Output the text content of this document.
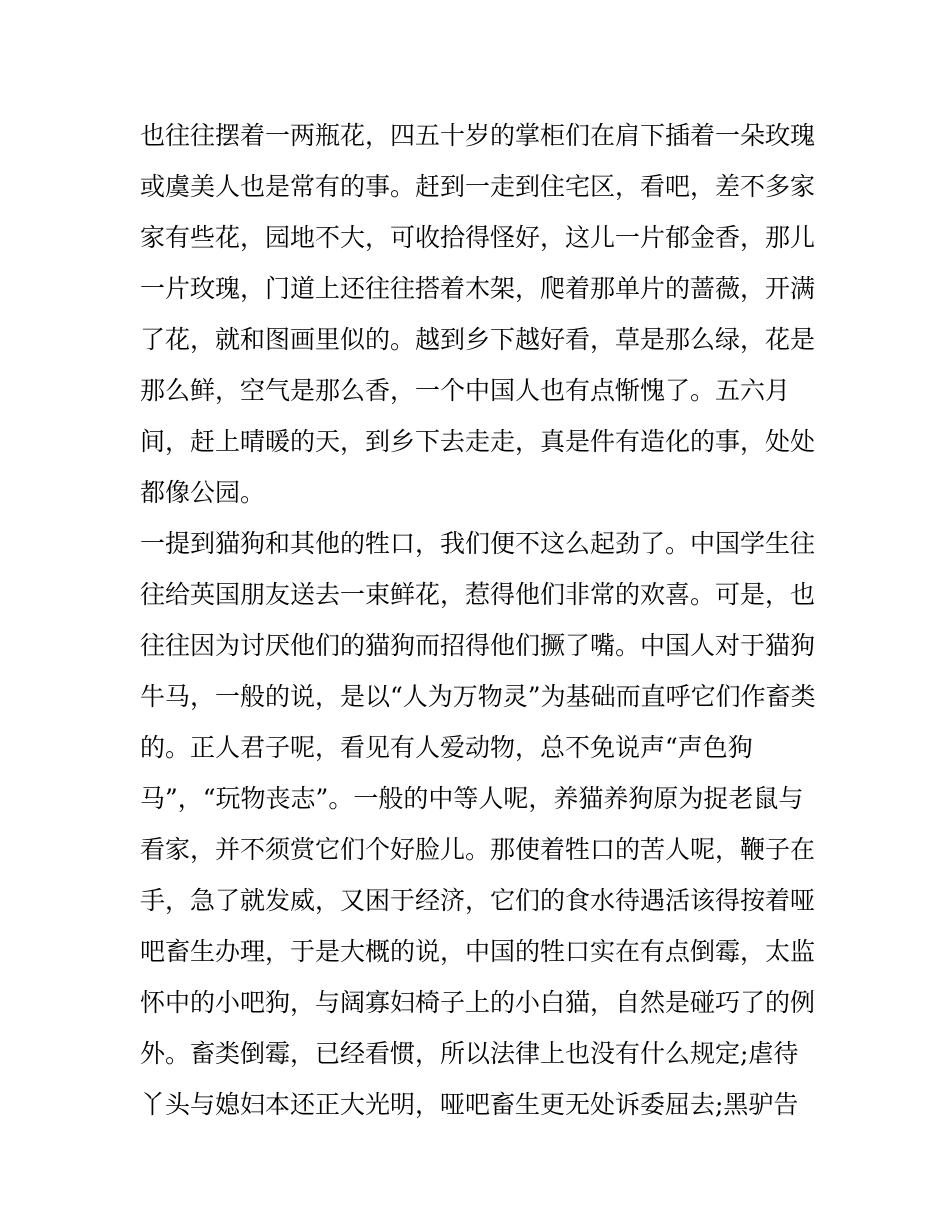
也往往摆着一两瓶花，四五十岁的掌柜们在肩下插着一朵玫瑰
或虞美人也是常有的事。赶到一走到住宅区，看吧，差不多家
家有些花，园地不大，可收拾得怪好，这儿一片郁金香，那儿
一片玫瑰，门道上还往往搭着木架，爬着那单片的蔷薇，开满
了花，就和图画里似的。越到乡下越好看，草是那么绿，花是
那么鲜，空气是那么香，一个中国人也有点惭愧了。五六月
间，赶上晴暖的天，到乡下去走走，真是件有造化的事，处处
都像公园。
一提到猫狗和其他的牲口，我们便不这么起劲了。中国学生往
往给英国朋友送去一束鲜花，惹得他们非常的欢喜。可是，也
往往因为讨厌他们的猫狗而招得他们撅了嘴。中国人对于猫狗
牛马，一般的说，是以“人为万物灵”为基础而直呼它们作畜类
的。正人君子呢，看见有人爱动物，总不免说声“声色狗
马”，“玩物丧志”。一般的中等人呢，养猫养狗原为捉老鼠与
看家，并不须赏它们个好脸儿。那使着牲口的苦人呢，鞭子在
手，急了就发威，又困于经济，它们的食水待遇活该得按着哑
吧畜生办理，于是大概的说，中国的牲口实在有点倒霉，太监
怀中的小吧狗，与阔寡妇椅子上的小白猫，自然是碰巧了的例
外。畜类倒霉，已经看惯，所以法律上也没有什么规定;虐待
丫头与媳妇本还正大光明，哑吧畜生更无处诉委屈去;黑驴告
